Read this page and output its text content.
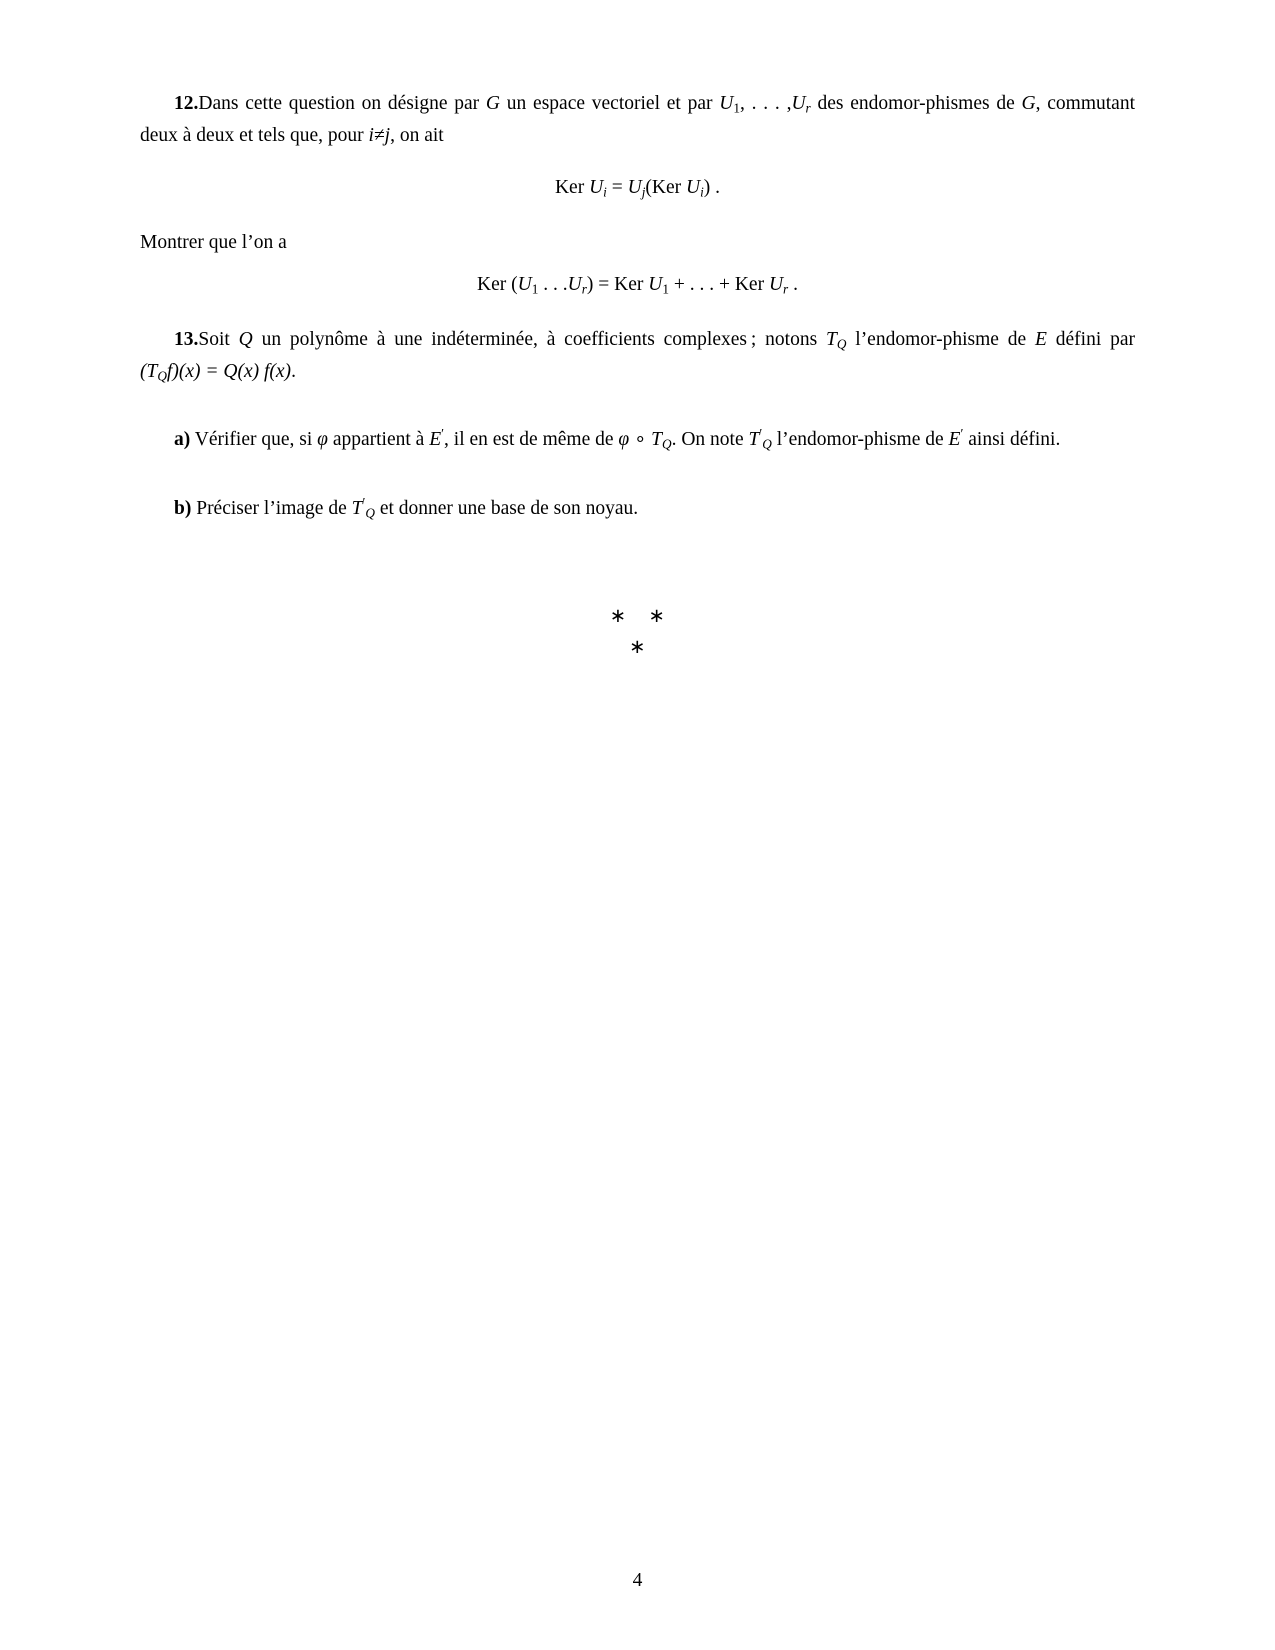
12.Dans cette question on désigne par G un espace vectoriel et par $U_1$, . . . $,U_r$ des endomor-phismes de G, commutant deux à deux et tels que, pour i≠j, on ait

Ker $U_i = U_j(Ker$ $U_i$) .

Montrer que l’on a

Ker ($U_1$ . . $.U_r$) = Ker $U_1$ + . . . + Ker $U_r$ .

13.Soit Q un polynôme à une indéterminée, à coefficients complexes ; notons $T_Q$ l’endomor-phisme de E défini par $(T_Qf)(x) = Q(x)$ f(x).

a) Vérifier que, si φ appartient à E′, il en est de même de φ ∘ $T_Q$. On note $T'_Q$ l’endomor-phisme de E′ ainsi défini.

b) Préciser l’image de $T'_Q$ et donner une base de son noyau.

∗ ∗
∗
4
